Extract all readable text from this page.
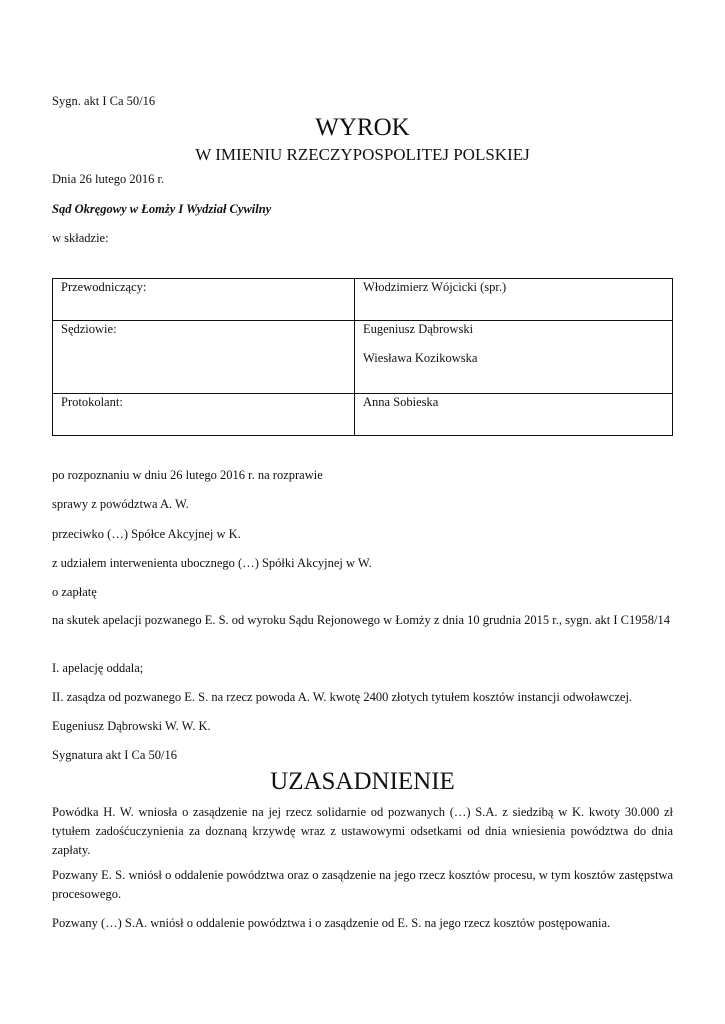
Sygn. akt I Ca 50/16
WYROK
W IMIENIU RZECZYPOSPOLITEJ POLSKIEJ
Dnia 26 lutego 2016 r.
Sąd Okręgowy w Łomży I Wydział Cywilny
w składzie:
Przewodniczący:	Włodzimierz Wójcicki (spr.)
Sędziowie:	Eugeniusz Dąbrowski
Wiesława Kozikowska

Protokolant:	Anna Sobieska
po rozpoznaniu w dniu 26 lutego 2016 r. na rozprawie
sprawy z powództwa A. W.
przeciwko (…) Spółce Akcyjnej w K.
z udziałem interwenienta ubocznego (…) Spółki Akcyjnej w W.
o zapłatę
na skutek apelacji pozwanego E. S. od wyroku Sądu Rejonowego w Łomży z dnia 10 grudnia 2015 r., sygn. akt I C1958/14
I. apelację oddala;
II. zasądza od pozwanego E. S. na rzecz powoda A. W. kwotę 2400 złotych tytułem kosztów instancji odwoławczej.
Eugeniusz Dąbrowski W. W. K.
Sygnatura akt I Ca 50/16
UZASADNIENIE
Powódka H. W. wniosła o zasądzenie na jej rzecz solidarnie od pozwanych (…) S.A. z siedzibą w K. kwoty 30.000 zł tytułem zadośćuczynienia za doznaną krzywdę wraz z ustawowymi odsetkami od dnia wniesienia powództwa do dnia zapłaty.
Pozwany E. S. wniósł o oddalenie powództwa oraz o zasądzenie na jego rzecz kosztów procesu, w tym kosztów zastępstwa procesowego.
Pozwany (…) S.A. wniósł o oddalenie powództwa i o zasądzenie od E. S. na jego rzecz kosztów postępowania.
